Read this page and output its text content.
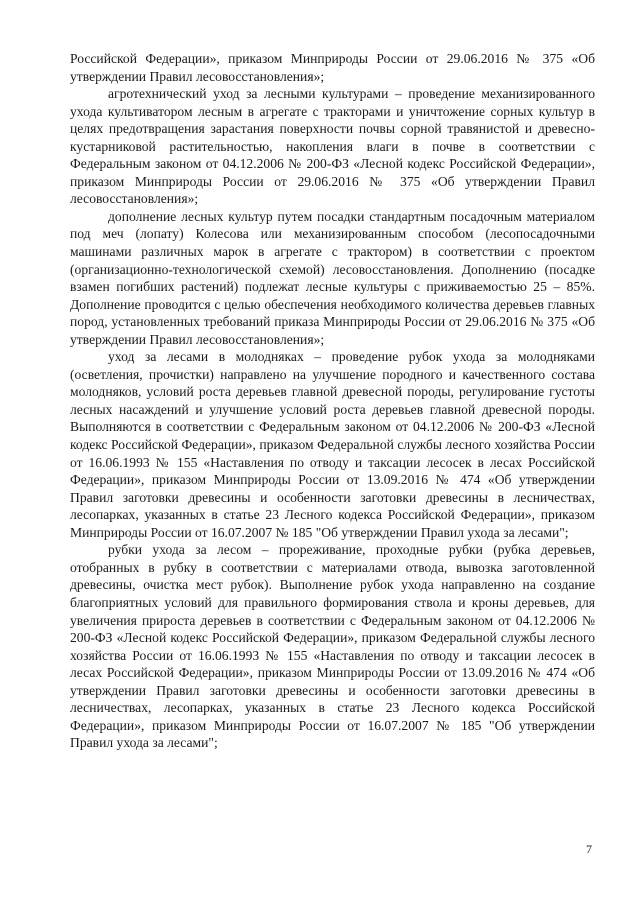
Российской Федерации», приказом Минприроды России от 29.06.2016 № 375 «Об утверждении Правил лесовосстановления»;

агротехнический уход за лесными культурами – проведение механизированного ухода культиватором лесным в агрегате с тракторами и уничтожение сорных культур в целях предотвращения зарастания поверхности почвы сорной травянистой и древесно-кустарниковой растительностью, накопления влаги в почве в соответствии с Федеральным законом от 04.12.2006 № 200-ФЗ «Лесной кодекс Российской Федерации», приказом Минприроды России от 29.06.2016 № 375 «Об утверждении Правил лесовосстановления»;

дополнение лесных культур путем посадки стандартным посадочным материалом под меч (лопату) Колесова или механизированным способом (лесопосадочными машинами различных марок в агрегате с трактором) в соответствии с проектом (организационно-технологической схемой) лесовосстановления. Дополнению (посадке взамен погибших растений) подлежат лесные культуры с приживаемостью 25 – 85%. Дополнение проводится с целью обеспечения необходимого количества деревьев главных пород, установленных требований приказа Минприроды России от 29.06.2016 № 375 «Об утверждении Правил лесовосстановления»;

уход за лесами в молодняках – проведение рубок ухода за молодняками (осветления, прочистки) направлено на улучшение породного и качественного состава молодняков, условий роста деревьев главной древесной породы, регулирование густоты лесных насаждений и улучшение условий роста деревьев главной древесной породы. Выполняются в соответствии с Федеральным законом от 04.12.2006 № 200-ФЗ «Лесной кодекс Российской Федерации», приказом Федеральной службы лесного хозяйства России от 16.06.1993 № 155 «Наставления по отводу и таксации лесосек в лесах Российской Федерации», приказом Минприроды России от 13.09.2016 № 474 «Об утверждении Правил заготовки древесины и особенности заготовки древесины в лесничествах, лесопарках, указанных в статье 23 Лесного кодекса Российской Федерации», приказом Минприроды России от 16.07.2007 № 185 "Об утверждении Правил ухода за лесами";

рубки ухода за лесом – прореживание, проходные рубки (рубка деревьев, отобранных в рубку в соответствии с материалами отвода, вывозка заготовленной древесины, очистка мест рубок). Выполнение рубок ухода направленно на создание благоприятных условий для правильного формирования ствола и кроны деревьев, для увеличения прироста деревьев в соответствии с Федеральным законом от 04.12.2006 № 200-ФЗ «Лесной кодекс Российской Федерации», приказом Федеральной службы лесного хозяйства России от 16.06.1993 № 155 «Наставления по отводу и таксации лесосек в лесах Российской Федерации», приказом Минприроды России от 13.09.2016 № 474 «Об утверждении Правил заготовки древесины и особенности заготовки древесины в лесничествах, лесопарках, указанных в статье 23 Лесного кодекса Российской Федерации», приказом Минприроды России от 16.07.2007 № 185 "Об утверждении Правил ухода за лесами";

7
